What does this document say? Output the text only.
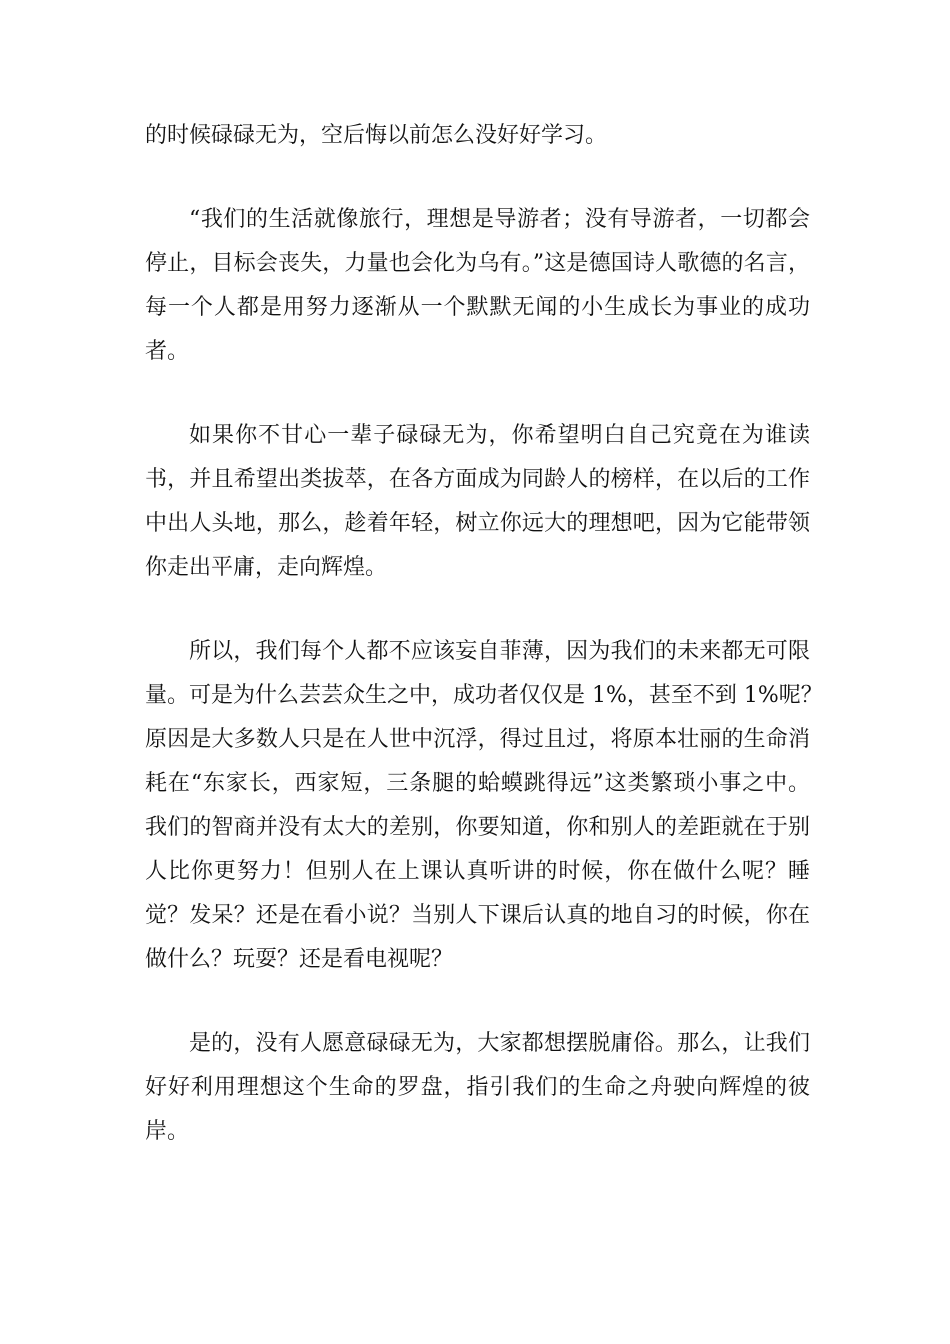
的时候碌碌无为，空后悔以前怎么没好好学习。
“我们的生活就像旅行，理想是导游者；没有导游者，一切都会
停止，目标会丧失，力量也会化为乌有。”这是德国诗人歌德的名言，
每一个人都是用努力逐渐从一个默默无闻的小生成长为事业的成功
者。
如果你不甘心一辈子碌碌无为，你希望明白自己究竟在为谁读
书，并且希望出类拔萃，在各方面成为同龄人的榜样，在以后的工作
中出人头地，那么，趁着年轻，树立你远大的理想吧，因为它能带领
你走出平庸，走向辉煌。
所以，我们每个人都不应该妄自菲薄，因为我们的未来都无可限
量。可是为什么芸芸众生之中，成功者仅仅是 1%，甚至不到 1%呢？
原因是大多数人只是在人世中沉浮，得过且过，将原本壮丽的生命消
耗在“东家长，西家短，三条腿的蛤蟆跳得远”这类繁琐小事之中。
我们的智商并没有太大的差别，你要知道，你和别人的差距就在于别
人比你更努力！但别人在上课认真听讲的时候，你在做什么呢？睡
觉？发呆？还是在看小说？当别人下课后认真的地自习的时候，你在
做什么？玩耍？还是看电视呢？
是的，没有人愿意碌碌无为，大家都想摆脱庸俗。那么，让我们
好好利用理想这个生命的罗盘，指引我们的生命之舟驶向辉煌的彼
岸。
